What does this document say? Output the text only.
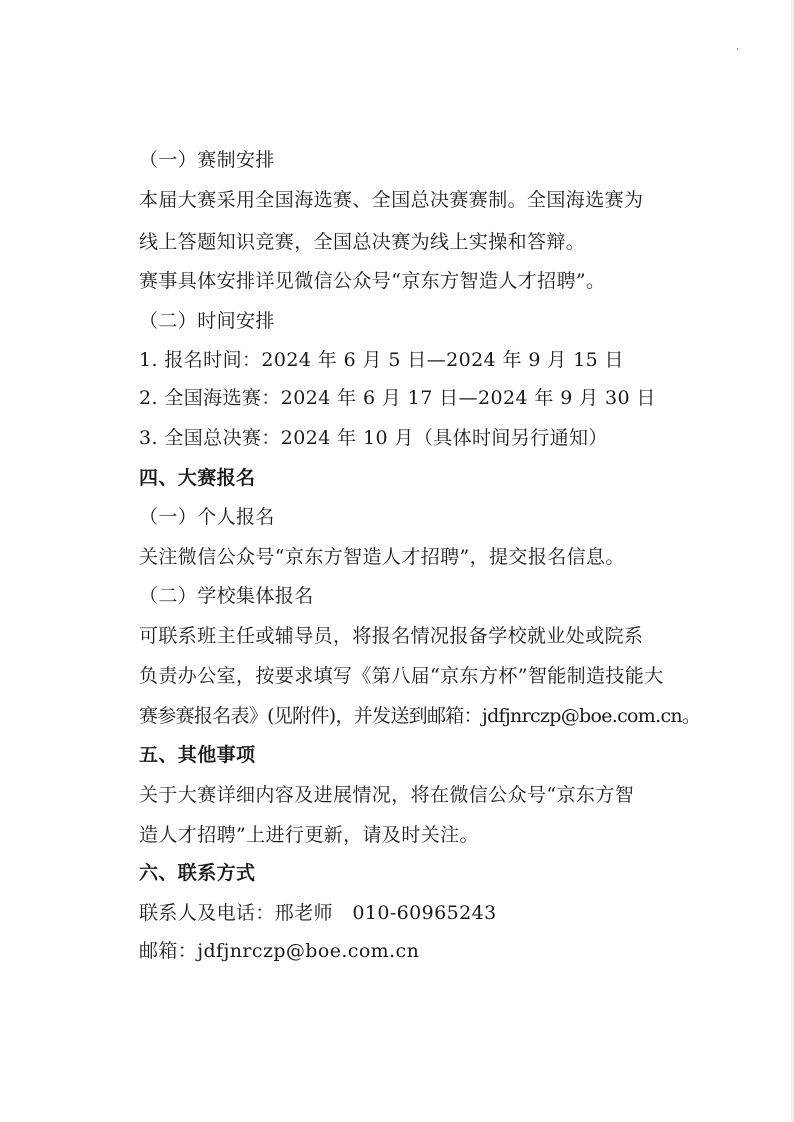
（一）赛制安排
本届大赛采用全国海选赛、全国总决赛赛制。全国海选赛为
线上答题知识竞赛，全国总决赛为线上实操和答辩。
赛事具体安排详见微信公众号“京东方智造人才招聘”。
（二）时间安排
1. 报名时间：2024 年 6 月 5 日—2024 年 9 月 15 日
2. 全国海选赛：2024 年 6 月 17 日—2024 年 9 月 30 日
3. 全国总决赛：2024 年 10 月（具体时间另行通知）
四、大赛报名
（一）个人报名
关注微信公众号“京东方智造人才招聘”，提交报名信息。
（二）学校集体报名
可联系班主任或辅导员，将报名情况报备学校就业处或院系
负责办公室，按要求填写《第八届“京东方杯”智能制造技能大
赛参赛报名表》(见附件)，并发送到邮箱：jdfjnrczp@boe.com.cn。
五、其他事项
关于大赛详细内容及进展情况，将在微信公众号“京东方智
造人才招聘”上进行更新，请及时关注。
六、联系方式
联系人及电话：邢老师　010-60965243
邮箱：jdfjnrczp@boe.com.cn
